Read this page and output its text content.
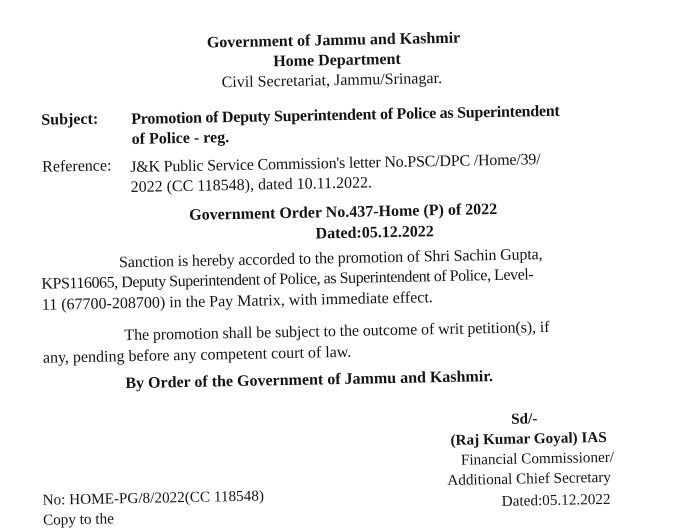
Government of Jammu and Kashmir
Home Department
Civil Secretariat, Jammu/Srinagar.
Subject: Promotion of Deputy Superintendent of Police as Superintendent
of Police - reg.
Reference: J&K Public Service Commission's letter No.PSC/DPC /Home/39/
2022 (CC 118548), dated 10.11.2022.
Government Order No.437-Home (P) of 2022
Dated:05.12.2022
Sanction is hereby accorded to the promotion of Shri Sachin Gupta,
KPS116065, Deputy Superintendent of Police, as Superintendent of Police, Level-
11 (67700-208700) in the Pay Matrix, with immediate effect.
The promotion shall be subject to the outcome of writ petition(s), if
any, pending before any competent court of law.
By Order of the Government of Jammu and Kashmir.
Sd/-
(Raj Kumar Goyal) IAS
Financial Commissioner/
Additional Chief Secretary
Dated:05.12.2022
No: HOME-PG/8/2022(CC 118548)
Copy to the
